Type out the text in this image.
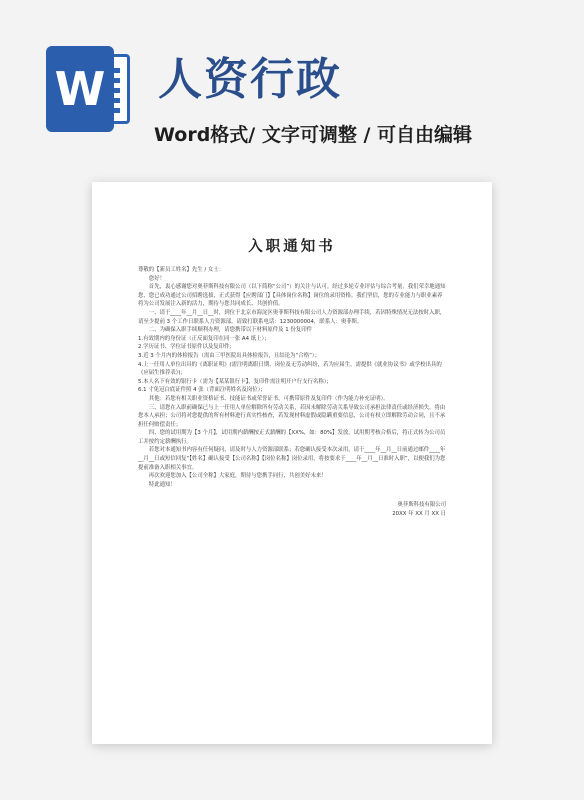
W 人资行政
Word格式/ 文字可调整 / 可自由编辑
入职通知书

尊敬的【新员工姓名】先生 / 女士：

您好！

首先，衷心感谢您对奥菲斯科技有限公司（以下简称“公司”）的关注与认可。经过多轮专业评估与综合考量，我们荣幸地通知您，您已成功通过公司招聘选拔，正式获得【应聘部门】【具体岗位名称】岗位的录用资格。我们坚信，您的专业能力与职业素养将为公司发展注入新的活力，期待与您共同成长、共创价值。

一、请于____年__月__日__时，到位于北京市海淀区奥菲斯科技有限公司人力资源部办理手续，若因特殊情况无法按时入职，请至少提前 3 个工作日联系人力资源部，请致打联系电话：1230000004，联系人：奥菲斯。

二、为确保入职手续顺利办理，请您携带以下材料原件及 1 份复印件

1.有效期内的身份证（正反面复印在同一张 A4 纸上）；

2.学历证书、学位证书原件以及复印件；

3.近 3 个月内的体检报告（需由三甲医院出具体检报告，且结论为“合格”）；

4.上一任用人单位出具的《离职证明》(需注明离职日期、岗位及无劳动纠纷，若为应届生，需提供《就业协议书》或学校出具的《应届生推荐表》)；

5.本人名下有效的银行卡（需为【某某银行卡】，复印件需注明开户行支行名称）；

6.1 寸免冠白底证件照 4 张（背面注明姓名及岗位）；

其他：若您有相关职业资格证书、技能证书或荣誉证书，可携带原件及复印件（作为能力补充证明）。

三、请您在入职前确保已与上一任用人单位解除所有劳动关系，若因未解除劳动关系导致公司承担法律责任或经济损失，将由您本人承担；公司将对您提供的所有材料进行真实性核查，若发现材料虚假或隐瞒重要信息，公司有权立即解除劳动合同，且不承担任何赔偿责任；

四、您的试用期为【3 个月】，试用期内薪酬按正式薪酬的【XX%，如：80%】发放，试用期考核合格后，将正式转为公司员工并按约定薪酬执行。

若您对本通知书内容有任何疑问，请及时与人力资源部联系；若您确认接受本次录用，请于____年__月__日前通过邮件____年__月__日或短信回复“【姓名】确认接受【公司名称】【岗位名称】岗位录用，将按要求于____年__月__日准时入职”，以便我们为您提前准备入职相关事宜。

再次欢迎您加入【公司全称】大家庭，期待与您携手同行，共创美好未来！

特此通知！

奥菲斯科技有限公司

20XX 年 XX 月 XX 日
